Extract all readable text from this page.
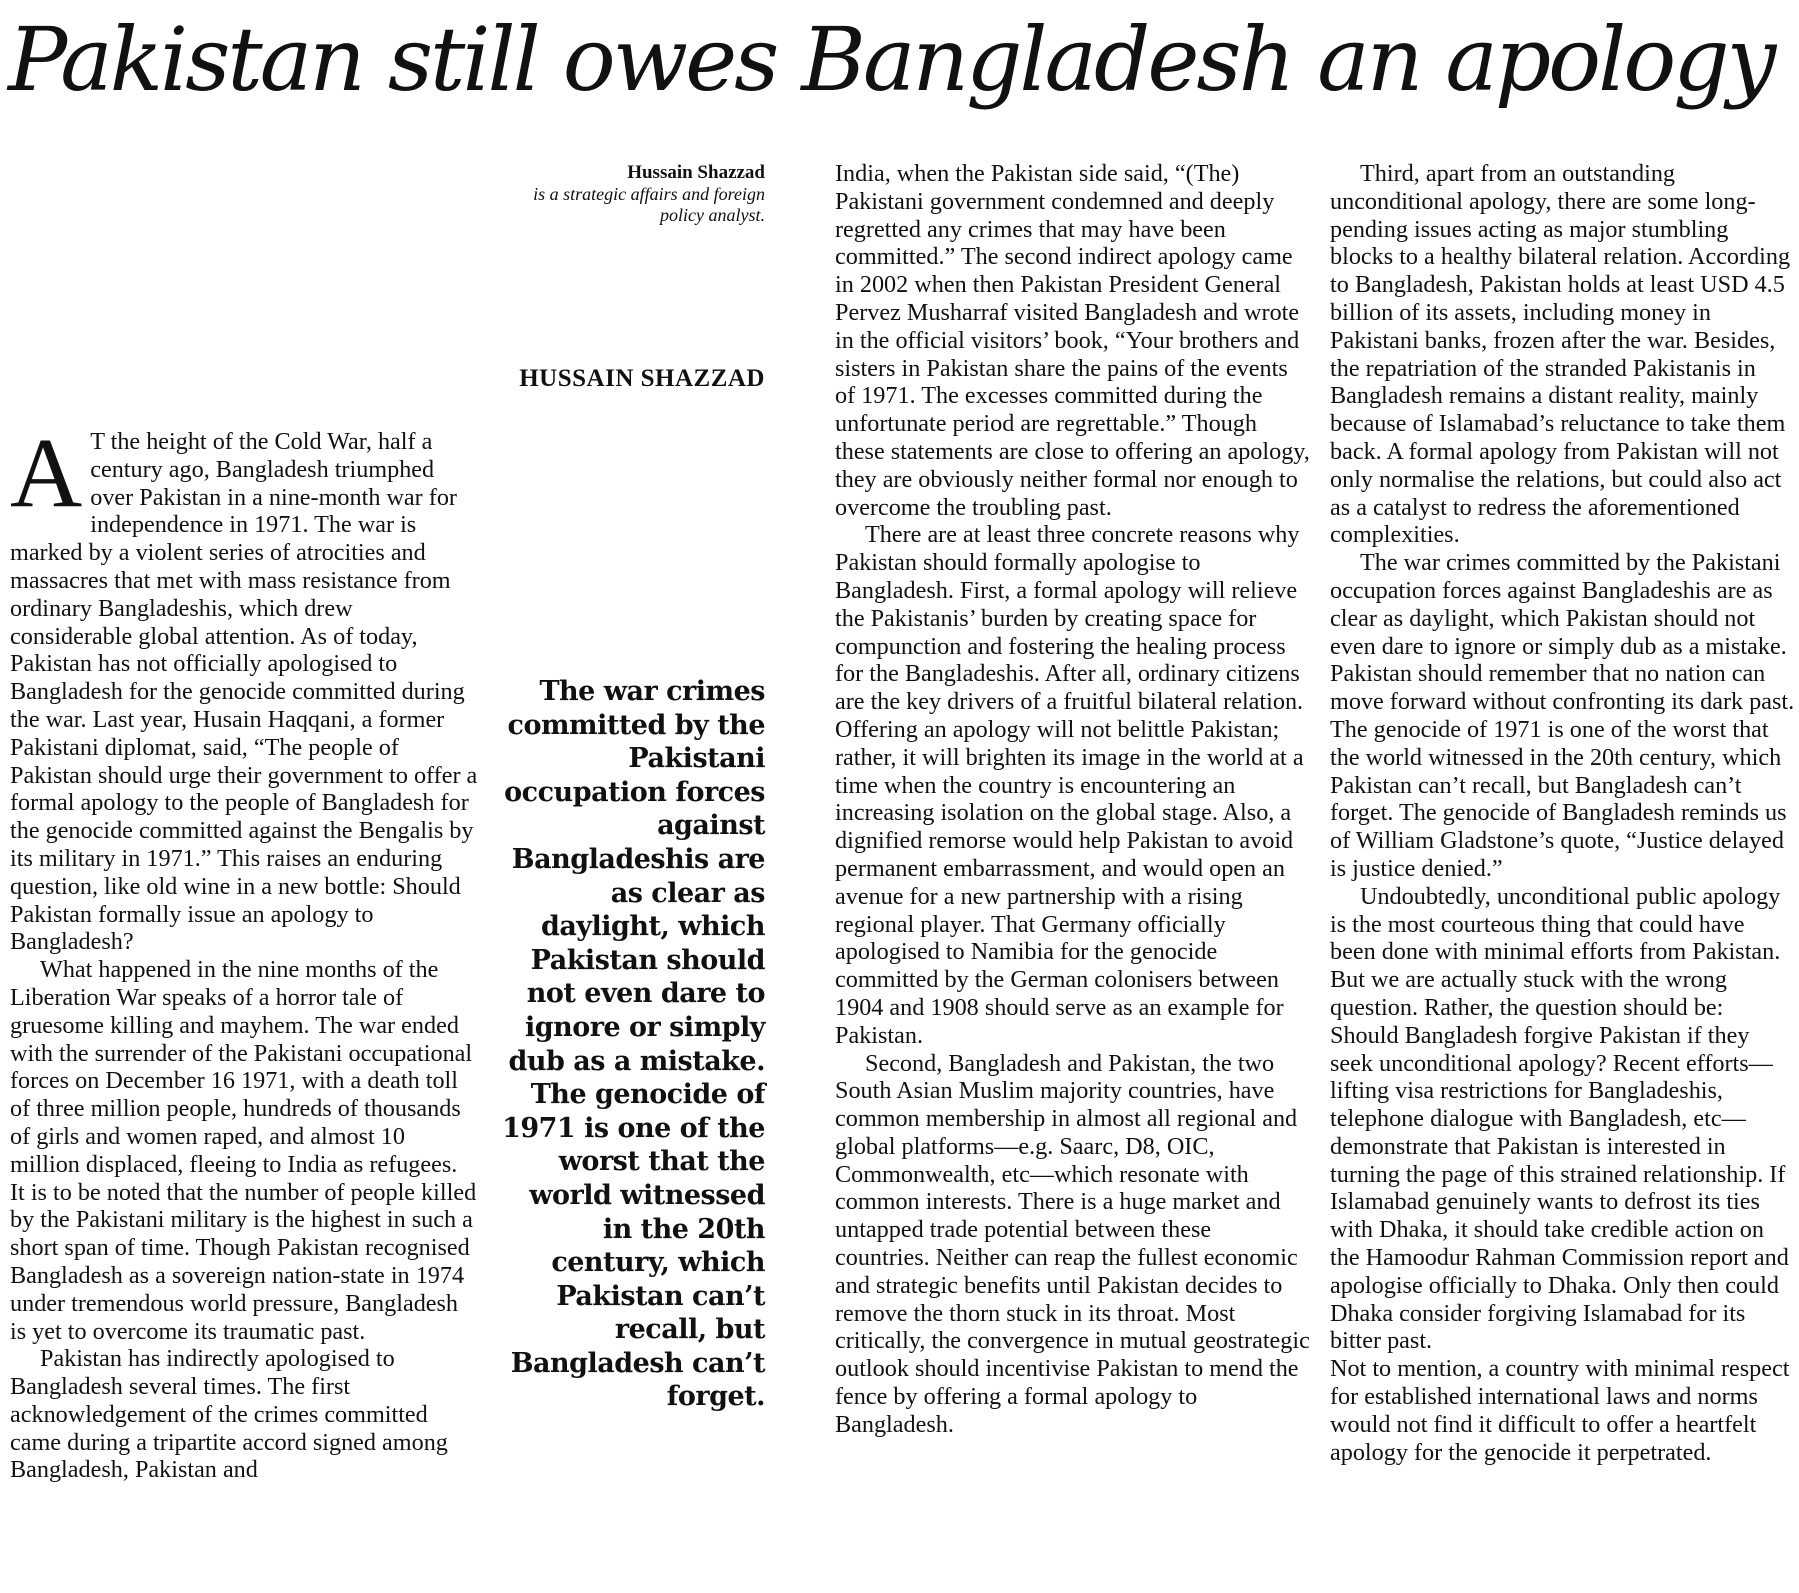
Pakistan still owes Bangladesh an apology
Hussain Shazzad
is a strategic affairs and foreign policy analyst.
HUSSAIN SHAZZAD
The war crimes committed by the Pakistani occupation forces against Bangladeshis are as clear as daylight, which Pakistan should not even dare to ignore or simply dub as a mistake. The genocide of 1971 is one of the worst that the world witnessed in the 20th century, which Pakistan can’t recall, but Bangladesh can’t forget.

A T the height of the Cold War, half a century ago, Bangladesh triumphed over Pakistan in a nine-month war for independence in 1971. The war is marked by a violent series of atrocities and massacres that met with mass resistance from ordinary Bangladeshis, which drew considerable global attention. As of today, Pakistan has not officially apologised to Bangladesh for the genocide committed during the war. Last year, Husain Haqqani, a former Pakistani diplomat, said, “The people of Pakistan should urge their government to offer a formal apology to the people of Bangladesh for the genocide committed against the Bengalis by its military in 1971.” This raises an enduring question, like old wine in a new bottle: Should Pakistan formally issue an apology to Bangladesh?

What happened in the nine months of the Liberation War speaks of a horror tale of gruesome killing and mayhem. The war ended with the surrender of the Pakistani occupational forces on December 16 1971, with a death toll of three million people, hundreds of thousands of girls and women raped, and almost 10 million displaced, fleeing to India as refugees. It is to be noted that the number of people killed by the Pakistani military is the highest in such a short span of time. Though Pakistan recognised Bangladesh as a sovereign nation-state in 1974 under tremendous world pressure, Bangladesh is yet to overcome its traumatic past.

Pakistan has indirectly apologised to Bangladesh several times. The first acknowledgement of the crimes committed came during a tripartite accord signed among Bangladesh, Pakistan and

India, when the Pakistan side said, “(The) Pakistani government condemned and deeply regretted any crimes that may have been committed.” The second indirect apology came in 2002 when then Pakistan President General Pervez Musharraf visited Bangladesh and wrote in the official visitors’ book, “Your brothers and sisters in Pakistan share the pains of the events of 1971. The excesses committed during the unfortunate period are regrettable.” Though these statements are close to offering an apology, they are obviously neither formal nor enough to overcome the troubling past.

There are at least three concrete reasons why Pakistan should formally apologise to Bangladesh. First, a formal apology will relieve the Pakistanis’ burden by creating space for compunction and fostering the healing process for the Bangladeshis. After all, ordinary citizens are the key drivers of a fruitful bilateral relation. Offering an apology will not belittle Pakistan; rather, it will brighten its image in the world at a time when the country is encountering an increasing isolation on the global stage. Also, a dignified remorse would help Pakistan to avoid permanent embarrassment, and would open an avenue for a new partnership with a rising regional player. That Germany officially apologised to Namibia for the genocide committed by the German colonisers between 1904 and 1908 should serve as an example for Pakistan.

Second, Bangladesh and Pakistan, the two South Asian Muslim majority countries, have common membership in almost all regional and global platforms—e.g. Saarc, D8, OIC, Commonwealth, etc—which resonate with common interests. There is a huge market and untapped trade potential between these countries. Neither can reap the fullest economic and strategic benefits until Pakistan decides to remove the thorn stuck in its throat. Most critically, the convergence in mutual geostrategic outlook should incentivise Pakistan to mend the fence by offering a formal apology to Bangladesh.

Third, apart from an outstanding unconditional apology, there are some long-pending issues acting as major stumbling blocks to a healthy bilateral relation. According to Bangladesh, Pakistan holds at least USD 4.5 billion of its assets, including money in Pakistani banks, frozen after the war. Besides, the repatriation of the stranded Pakistanis in Bangladesh remains a distant reality, mainly because of Islamabad’s reluctance to take them back. A formal apology from Pakistan will not only normalise the relations, but could also act as a catalyst to redress the aforementioned complexities.

The war crimes committed by the Pakistani occupation forces against Bangladeshis are as clear as daylight, which Pakistan should not even dare to ignore or simply dub as a mistake. Pakistan should remember that no nation can move forward without confronting its dark past. The genocide of 1971 is one of the worst that the world witnessed in the 20th century, which Pakistan can’t recall, but Bangladesh can’t forget. The genocide of Bangladesh reminds us of William Gladstone’s quote, “Justice delayed is justice denied.”

Undoubtedly, unconditional public apology is the most courteous thing that could have been done with minimal efforts from Pakistan. But we are actually stuck with the wrong question. Rather, the question should be: Should Bangladesh forgive Pakistan if they seek unconditional apology? Recent efforts—lifting visa restrictions for Bangladeshis, telephone dialogue with Bangladesh, etc—demonstrate that Pakistan is interested in turning the page of this strained relationship. If Islamabad genuinely wants to defrost its ties with Dhaka, it should take credible action on the Hamoodur Rahman Commission report and apologise officially to Dhaka. Only then could Dhaka consider forgiving Islamabad for its bitter past.

Not to mention, a country with minimal respect for established international laws and norms would not find it difficult to offer a heartfelt apology for the genocide it perpetrated.
